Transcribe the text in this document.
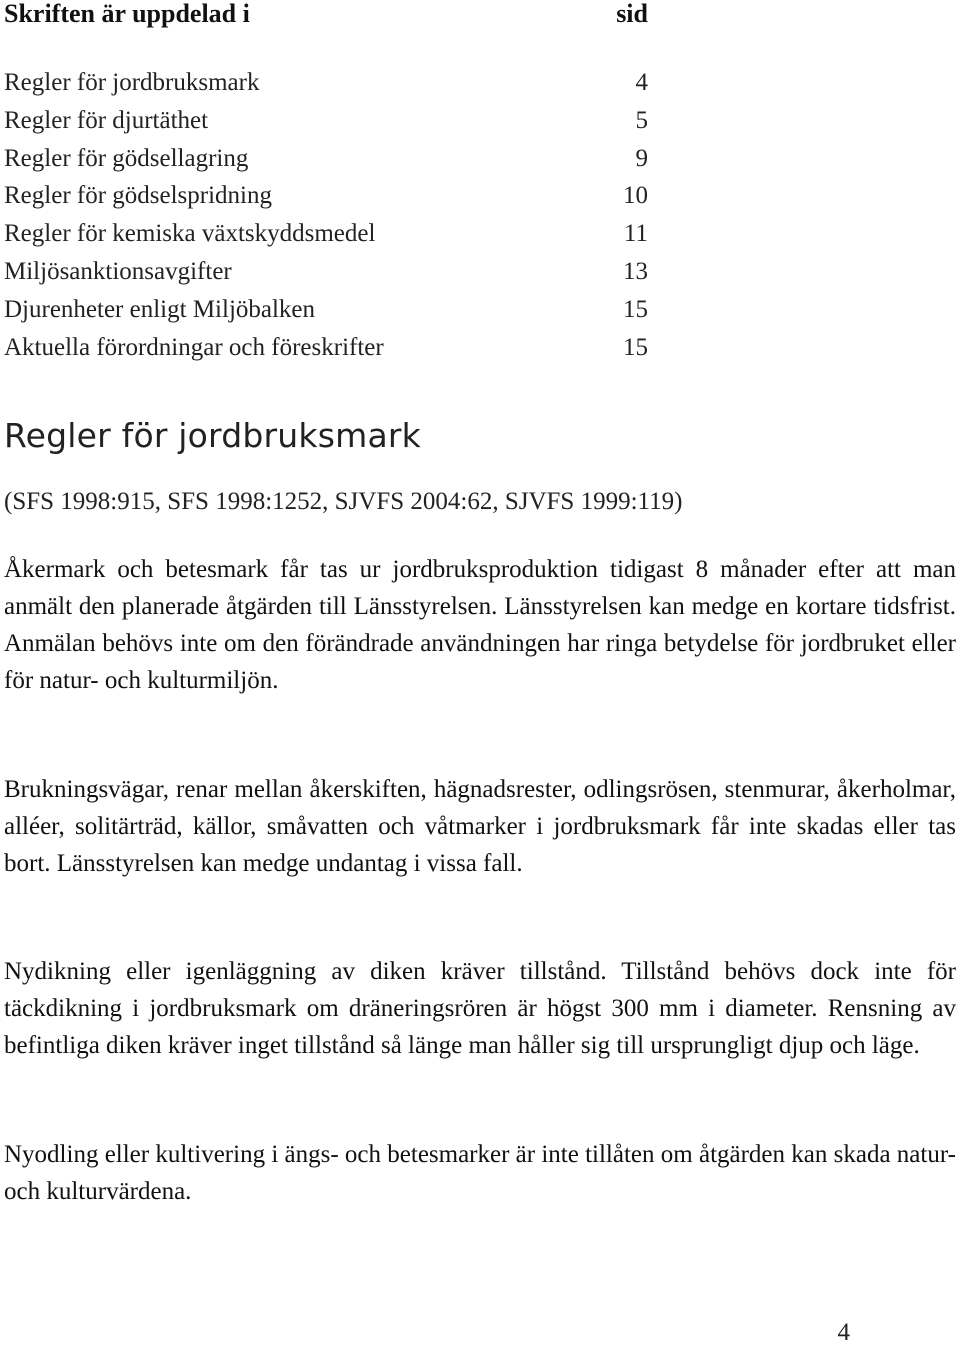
Skriften är uppdelad i	sid
Regler för jordbruksmark	4
Regler för djurtäthet	5
Regler för gödsellagring	9
Regler för gödselspridning	10
Regler för kemiska växtskyddsmedel	11
Miljösanktionsavgifter	13
Djurenheter enligt Miljöbalken	15
Aktuella förordningar och föreskrifter	15
Regler för jordbruksmark

(SFS 1998:915, SFS 1998:1252, SJVFS 2004:62, SJVFS 1999:119)

Åkermark och betesmark får tas ur jordbruksproduktion tidigast 8 månader efter att man anmält den planerade åtgärden till Länsstyrelsen. Länsstyrelsen kan medge en kortare tidsfrist. Anmälan behövs inte om den förändrade användningen har ringa betydelse för jordbruket eller för natur- och kulturmiljön.

Brukningsvägar, renar mellan åkerskiften, hägnadsrester, odlingsrösen, stenmurar, åkerholmar, alléer, solitärträd, källor, småvatten och våtmarker i jordbruksmark får inte skadas eller tas bort. Länsstyrelsen kan medge undantag i vissa fall.

Nydikning eller igenläggning av diken kräver tillstånd. Tillstånd behövs dock inte för täckdikning i jordbruksmark om dräneringsrören är högst 300 mm i diameter. Rensning av befintliga diken kräver inget tillstånd så länge man håller sig till ursprungligt djup och läge.

Nyodling eller kultivering i ängs- och betesmarker är inte tillåten om åtgärden kan skada natur- och kulturvärdena.

4
